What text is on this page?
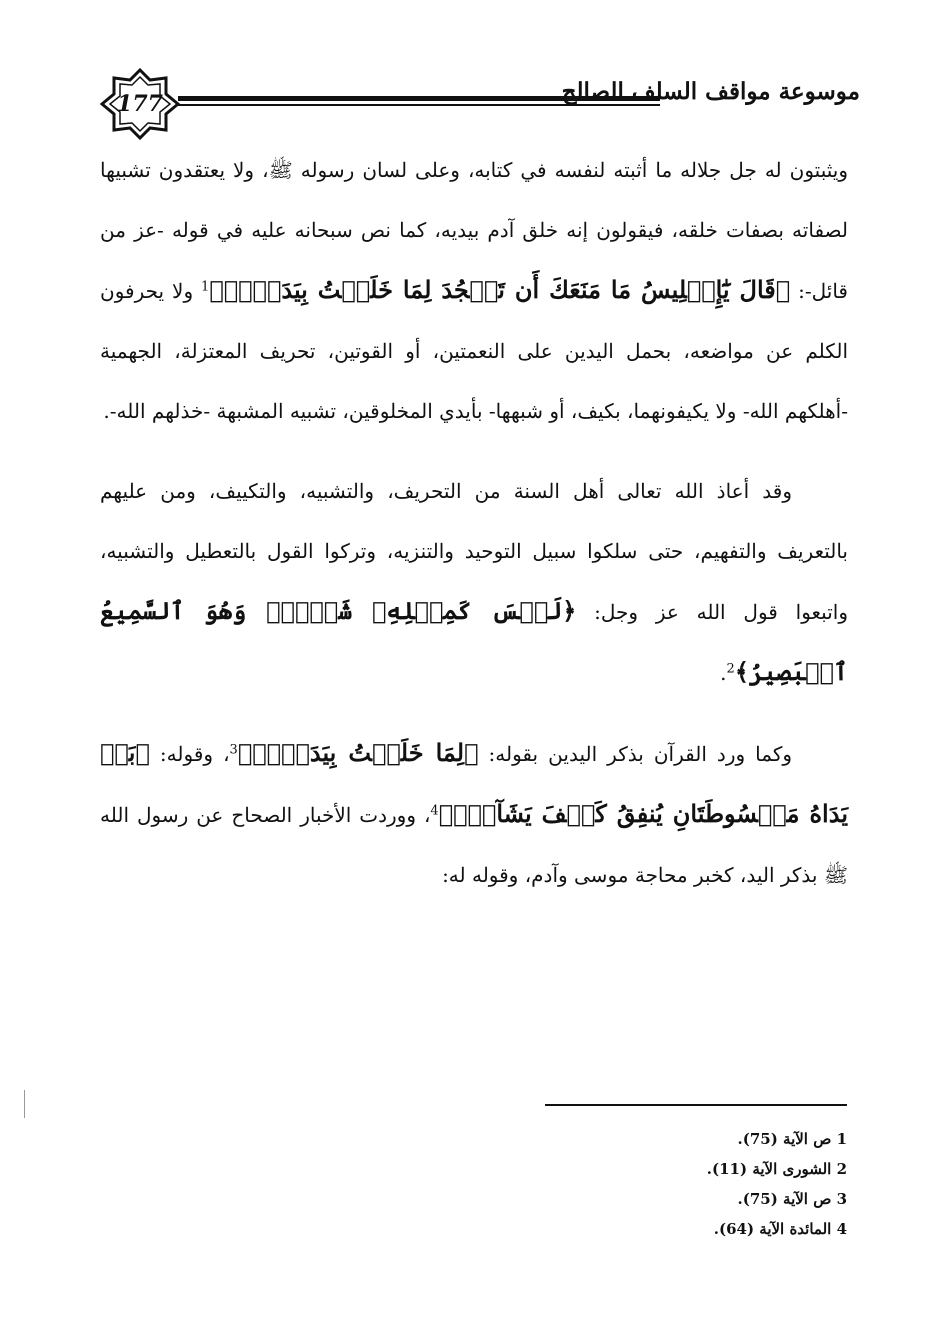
177	موسوعة مواقف السلف الصالح

ويثبتون له جل جلاله ما أثبته لنفسه في كتابه، وعلى لسان رسوله ﷺ، ولا يعتقدون تشبيها لصفاته بصفات خلقه، فيقولون إنه خلق آدم بيديه، كما نص سبحانه عليه في قوله -عز من قائل-: ﴿قَالَ يَٰٓإِبۡلِيسُ مَا مَنَعَكَ أَن تَسۡجُدَ لِمَا خَلَقۡتُ بِيَدَيَّۖ﴾$^1$ ولا يحرفون الكلم عن مواضعه، بحمل اليدين على النعمتين، أو القوتين، تحريف المعتزلة، الجهمية -أهلكهم الله- ولا يكيفونهما، بكيف، أو شبهها- بأيدي المخلوقين، تشبيه المشبهة -خذلهم الله-.

وقد أعاذ الله تعالى أهل السنة من التحريف، والتشبيه، والتكييف، ومن عليهم بالتعريف والتفهيم، حتى سلكوا سبيل التوحيد والتنزيه، وتركوا القول بالتعطيل والتشبيه، واتبعوا قول الله عز وجل: ﴿لَيۡسَ كَمِثۡلِهِۦ شَيۡءٞۖ وَهُوَ ٱلسَّمِيعُ ٱلۡبَصِيرُ﴾$^2$.

وكما ورد القرآن بذكر اليدين بقوله: ﴿لِمَا خَلَقۡتُ بِيَدَيَّۖ﴾$^3$، وقوله: ﴿بَلۡ يَدَاهُ مَبۡسُوطَتَانِ يُنفِقُ كَيۡفَ يَشَآءُۚ﴾$^4$، ووردت الأخبار الصحاح عن رسول الله ﷺ بذكر اليد، كخبر محاجة موسى وآدم، وقوله له:

1 ص الآية (75).
2 الشورى الآية (11).
3 ص الآية (75).
4 المائدة الآية (64).
